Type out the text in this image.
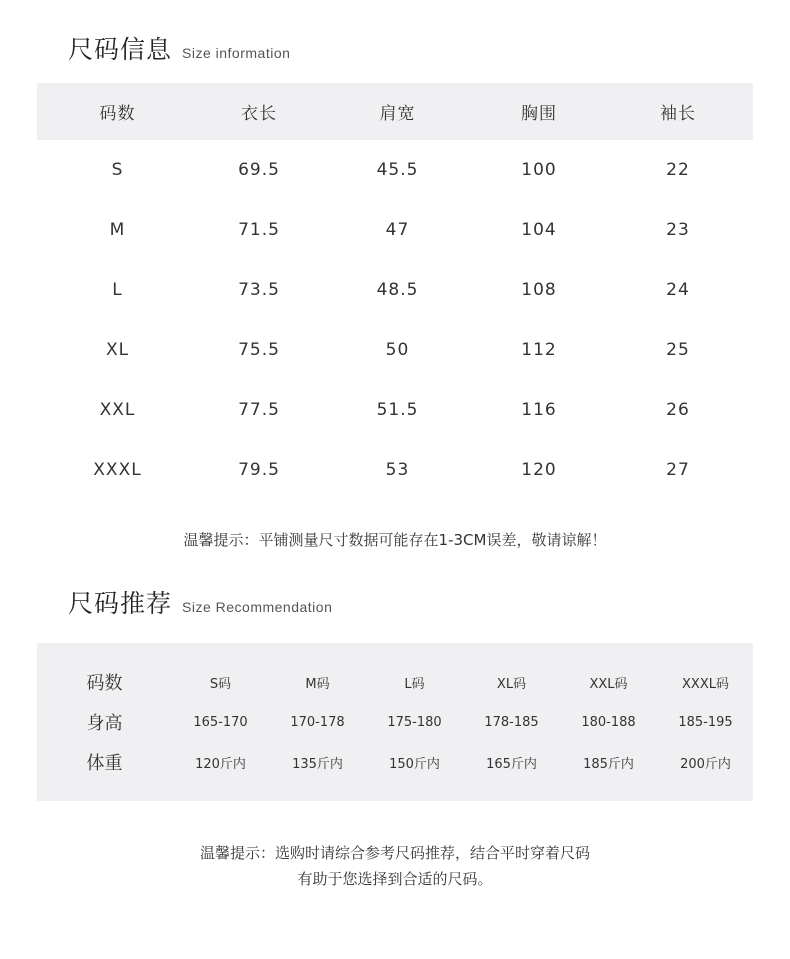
尺码信息 Size information
码数	衣长	肩宽	胸围	袖长
S	69.5	45.5	100	22
M	71.5	47	104	23
L	73.5	48.5	108	24
XL	75.5	50	112	25
XXL	77.5	51.5	116	26
XXXL	79.5	53	120	27
温馨提示：平铺测量尺寸数据可能存在1-3CM误差，敬请谅解！
尺码推荐 Size Recommendation
码数	S码	M码	L码	XL码	XXL码	XXXL码
身高	165-170	170-178	175-180	178-185	180-188	185-195
体重	120斤内	135斤内	150斤内	165斤内	185斤内	200斤内
温馨提示：选购时请综合参考尺码推荐，结合平时穿着尺码
有助于您选择到合适的尺码。
